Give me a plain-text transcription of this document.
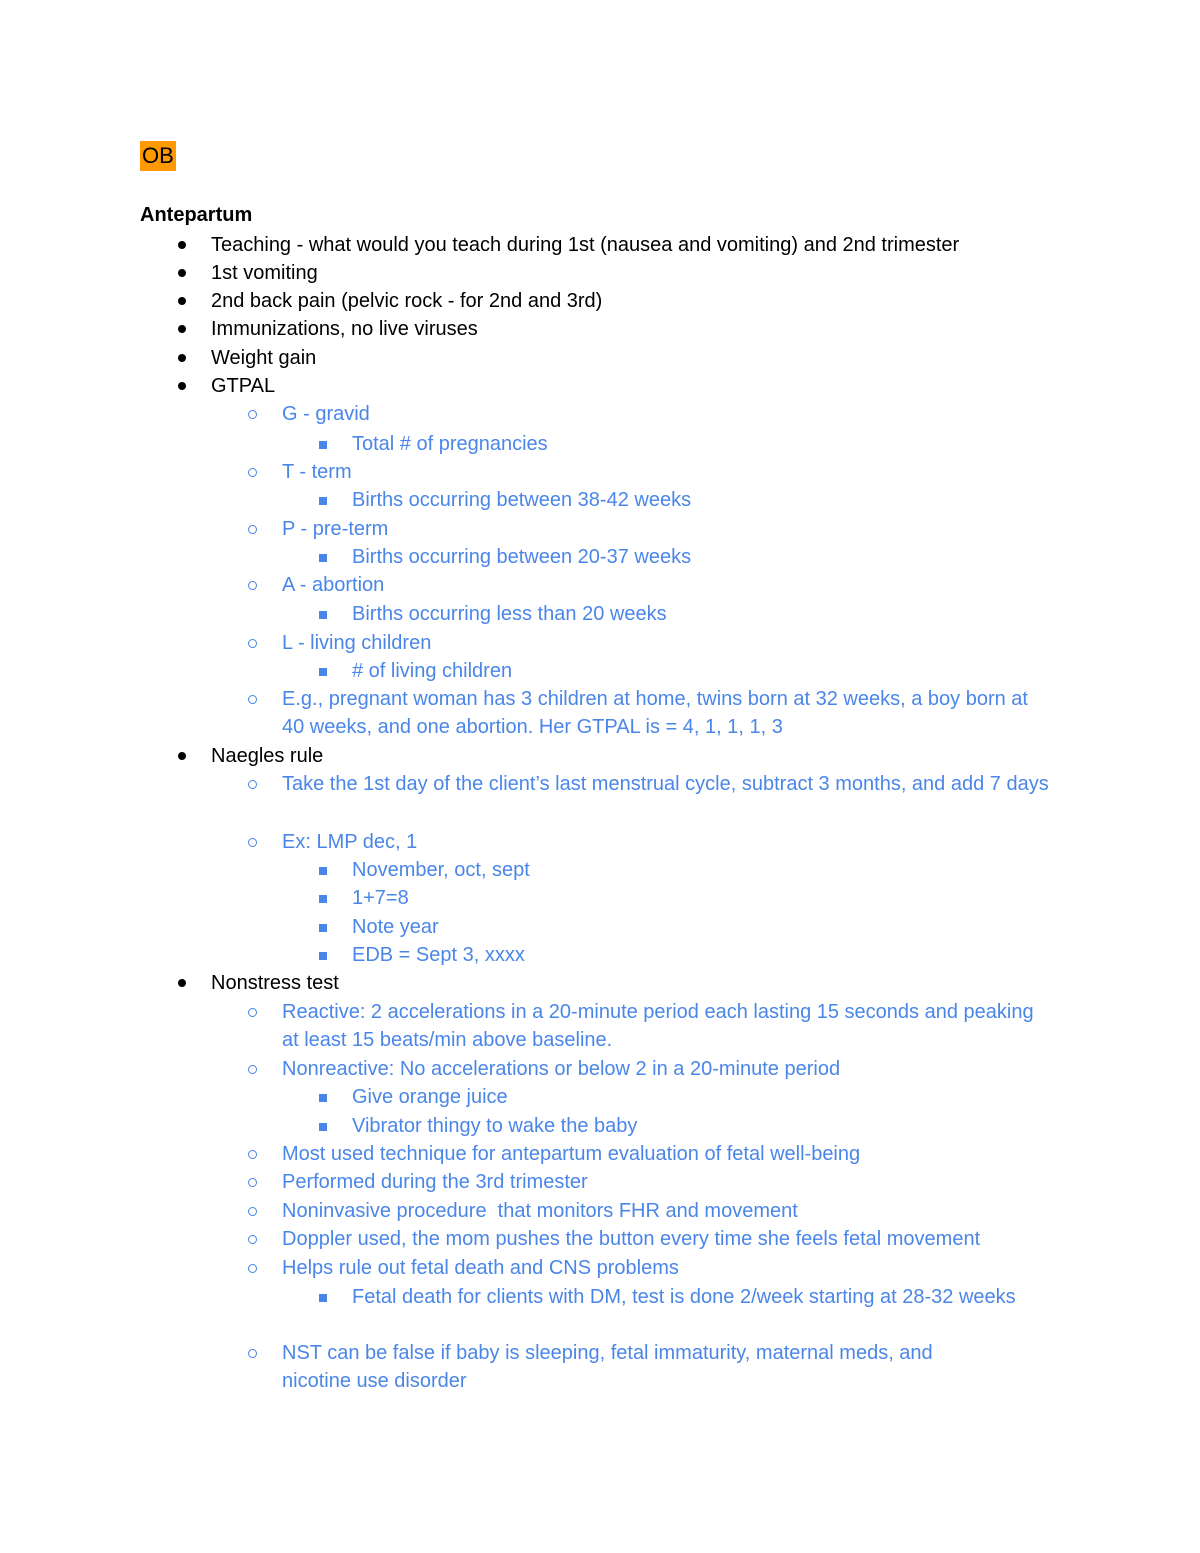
OB
Antepartum
Teaching - what would you teach during 1st (nausea and vomiting) and 2nd trimester
1st vomiting
2nd back pain (pelvic rock - for 2nd and 3rd)
Immunizations, no live viruses
Weight gain
GTPAL
G - gravid
Total # of pregnancies
T - term
Births occurring between 38-42 weeks
P - pre-term
Births occurring between 20-37 weeks
A - abortion
Births occurring less than 20 weeks
L - living children
# of living children
E.g., pregnant woman has 3 children at home, twins born at 32 weeks, a boy born at 40 weeks, and one abortion. Her GTPAL is = 4, 1, 1, 1, 3
Naegles rule
Take the 1st day of the client’s last menstrual cycle, subtract 3 months, and add 7 days
Ex: LMP dec, 1
November, oct, sept
1+7=8
Note year
EDB = Sept 3, xxxx
Nonstress test
Reactive: 2 accelerations in a 20-minute period each lasting 15 seconds and peaking at least 15 beats/min above baseline.
Nonreactive: No accelerations or below 2 in a 20-minute period
Give orange juice
Vibrator thingy to wake the baby
Most used technique for antepartum evaluation of fetal well-being
Performed during the 3rd trimester
Noninvasive procedure  that monitors FHR and movement
Doppler used, the mom pushes the button every time she feels fetal movement
Helps rule out fetal death and CNS problems
Fetal death for clients with DM, test is done 2/week starting at 28-32 weeks
NST can be false if baby is sleeping, fetal immaturity, maternal meds, and nicotine use disorder
